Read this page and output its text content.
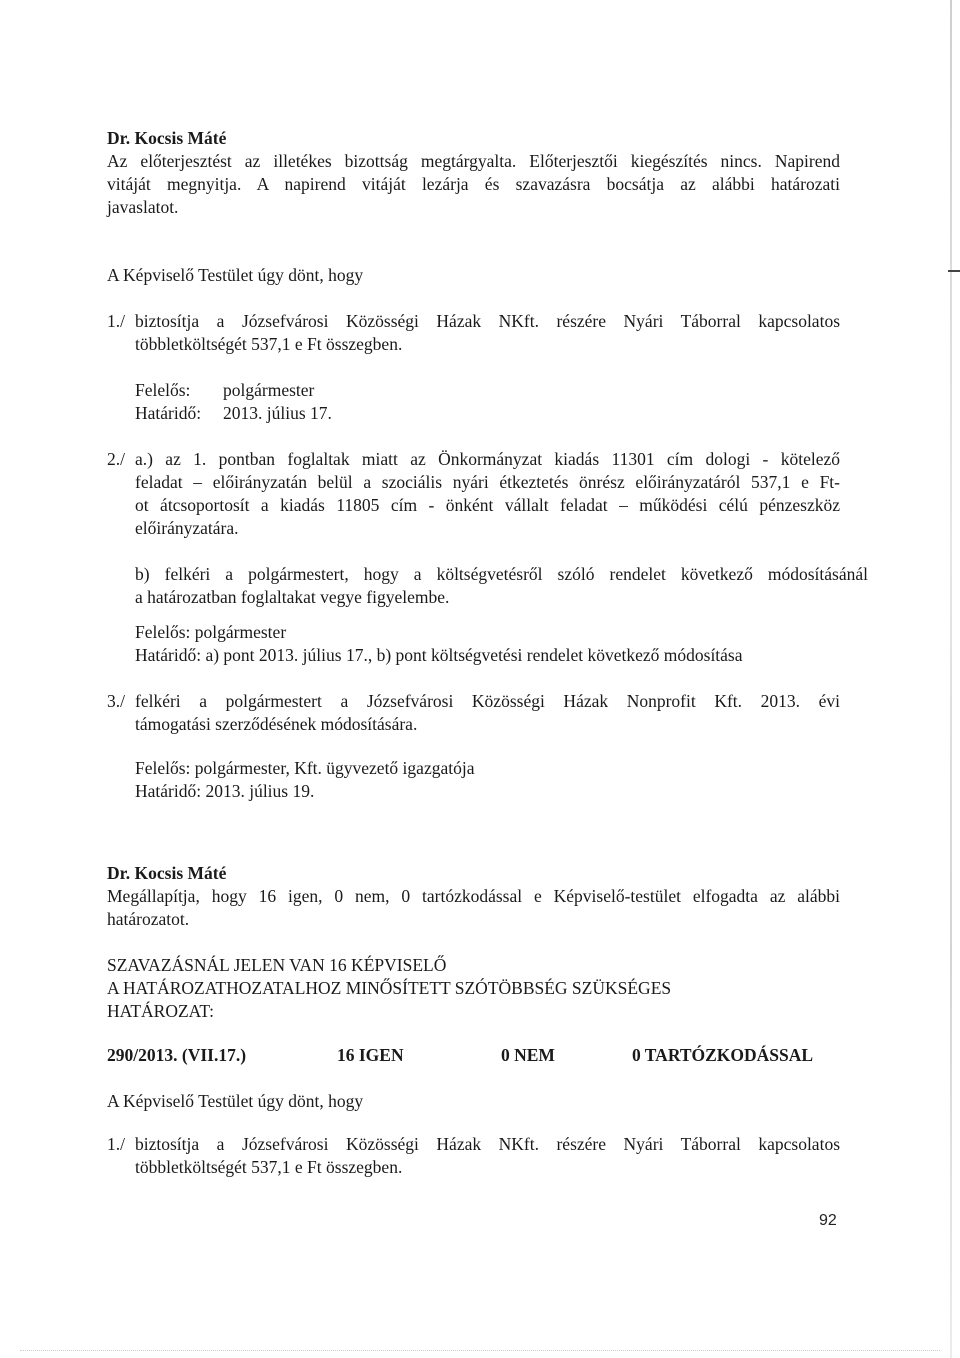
Dr. Kocsis Máté
Az előterjesztést az illetékes bizottság megtárgyalta. Előterjesztői kiegészítés nincs. Napirend
vitáját megnyitja. A napirend vitáját lezárja és szavazásra bocsátja az alábbi határozati
javaslatot.
A Képviselő Testület úgy dönt, hogy
1./ biztosítja a Józsefvárosi Közösségi Házak NKft. részére Nyári Táborral kapcsolatos
többletköltségét 537,1 e Ft összegben.
Felelős: polgármester
Határidő: 2013. július 17.
2./ a.) az 1. pontban foglaltak miatt az Önkormányzat kiadás 11301 cím dologi - kötelező
feladat – előirányzatán belül a szociális nyári étkeztetés önrész előirányzatáról 537,1 e Ft-
ot átcsoportosít a kiadás 11805 cím - önként vállalt feladat – működési célú pénzeszköz
előirányzatára.
b) felkéri a polgármestert, hogy a költségvetésről szóló rendelet következő módosításánál
a határozatban foglaltakat vegye figyelembe.
Felelős: polgármester
Határidő: a) pont 2013. július 17., b) pont költségvetési rendelet következő módosítása
3./ felkéri a polgármestert a Józsefvárosi Közösségi Házak Nonprofit Kft. 2013. évi
támogatási szerződésének módosítására.
Felelős: polgármester, Kft. ügyvezető igazgatója
Határidő: 2013. július 19.
Dr. Kocsis Máté
Megállapítja, hogy 16 igen, 0 nem, 0 tartózkodással e Képviselő-testület elfogadta az alábbi
határozatot.
SZAVAZÁSNÁL JELEN VAN 16 KÉPVISELŐ
A HATÁROZATHOZATALHOZ MINŐSÍTETT SZÓTÖBBSÉG SZÜKSÉGES
HATÁROZAT:
290/2013. (VII.17.)	16 IGEN	0 NEM	0 TARTÓZKODÁSSAL
A Képviselő Testület úgy dönt, hogy
1./ biztosítja a Józsefvárosi Közösségi Házak NKft. részére Nyári Táborral kapcsolatos
többletköltségét 537,1 e Ft összegben.
92
